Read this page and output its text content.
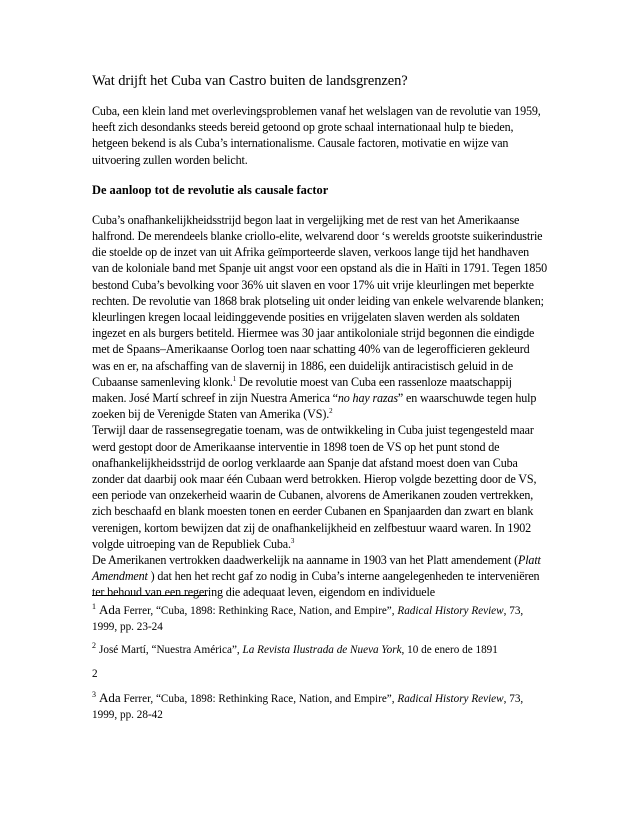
Wat drijft het Cuba van Castro buiten de landsgrenzen?

Cuba, een klein land met overlevingsproblemen vanaf het welslagen van de revolutie van 1959, heeft zich desondanks steeds bereid getoond op grote schaal internationaal hulp te bieden, hetgeen bekend is als Cuba’s internationalisme. Causale factoren, motivatie en wijze van uitvoering zullen worden belicht.

De aanloop tot de revolutie als causale factor

Cuba’s onafhankelijkheidsstrijd begon laat in vergelijking met de rest van het Amerikaanse halfrond. De merendeels blanke criollo-elite, welvarend door ‘s werelds grootste suikerindustrie die stoelde op de inzet van uit Afrika geïmporteerde slaven, verkoos lange tijd het handhaven van de koloniale band met Spanje uit angst voor een opstand als die in Haïti in 1791. Tegen 1850 bestond Cuba’s bevolking voor 36% uit slaven en voor 17% uit vrije kleurlingen met beperkte rechten. De revolutie van 1868 brak plotseling uit onder leiding van enkele welvarende blanken; kleurlingen kregen locaal leidinggevende posities en vrijgelaten slaven werden als soldaten ingezet en als burgers betiteld. Hiermee was 30 jaar antikoloniale strijd begonnen die eindigde met de Spaans–Amerikaanse Oorlog toen naar schatting 40% van de legerofficieren gekleurd was en er, na afschaffing van de slavernij in 1886, een duidelijk antiracistisch geluid in de Cubaanse samenleving klonk.$^1$ De revolutie moest van Cuba een rassenloze maatschappij maken. José Martí schreef in zijn Nuestra America “no hay razas” en waarschuwde tegen hulp zoeken bij de Verenigde Staten van Amerika (VS).$^2$

Terwijl daar de rassensegregatie toenam, was de ontwikkeling in Cuba juist tegengesteld maar werd gestopt door de Amerikaanse interventie in 1898 toen de VS op het punt stond de onafhankelijkheidsstrijd de oorlog verklaarde aan Spanje dat afstand moest doen van Cuba zonder dat daarbij ook maar één Cubaan werd betrokken. Hierop volgde bezetting door de VS, een periode van onzekerheid waarin de Cubanen, alvorens de Amerikanen zouden vertrekken, zich beschaafd en blank moesten tonen en eerder Cubanen en Spanjaarden dan zwart en blank verenigen, kortom bewijzen dat zij de onafhankelijkheid en zelfbestuur waard waren. In 1902 volgde uitroeping van de Republiek Cuba.$^3$

De Amerikanen vertrokken daadwerkelijk na aanname in 1903 van het Platt amendement (Platt Amendment ) dat hen het recht gaf zo nodig in Cuba’s interne aangelegenheden te interveniëren ter behoud van een regering die adequaat leven, eigendom en individuele

$^1$ Ada Ferrer, “Cuba, 1898: Rethinking Race, Nation, and Empire”, Radical History Review, 73, 1999, pp. 23-24

$^2$ José Martí, “Nuestra América”, La Revista Ilustrada de Nueva York, 10 de enero de 1891

2

$^3$ Ada Ferrer, “Cuba, 1898: Rethinking Race, Nation, and Empire”, Radical History Review, 73, 1999, pp. 28-42
